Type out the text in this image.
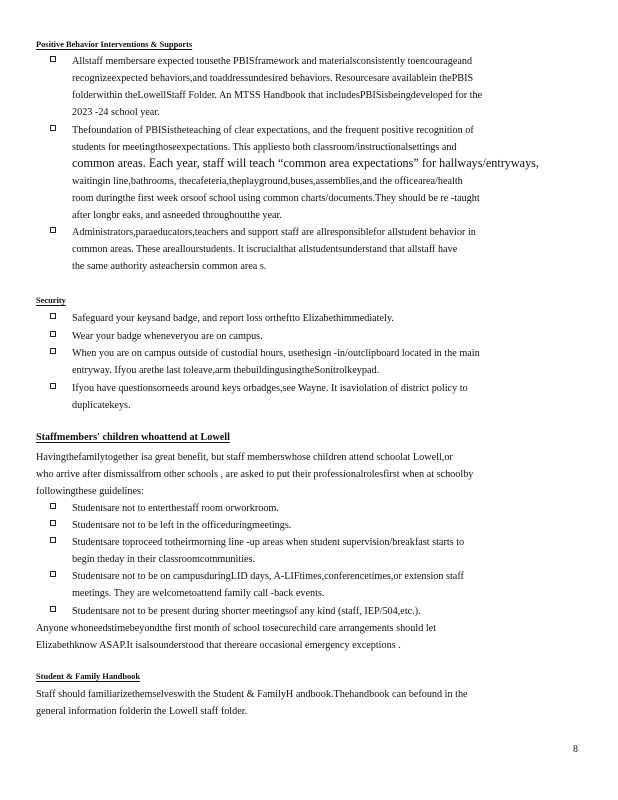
Positive Behavior Interventions & Supports
Allstaff membersare expected tousethe PBISframework and materialsconsistently toencourageand
recognizeexpected behaviors,and toaddressundesired behaviors. Resourcesare availablein thePBIS
folderwithin theLowellStaff Folder. An MTSS Handbook that includesPBISisbeingdeveloped for the
2023 -24 school year.
Thefoundation of PBISistheteaching of clear expectations, and the frequent positive recognition of
students for meetingthoseexpectations. This appliesto both classroom/instructionalsettings and
common areas. Each year, staff will teach “common area expectations” for hallways/entryways,
waitingin line,bathrooms, thecafeteria,theplayground,buses,assemblies,and the officearea/health
room duringthe first week orsoof school using common charts/documents.They should be re -taught
after longbr eaks, and asneeded throughoutthe year.
Administrators,paraeducators,teachers and support staff are allresponsiblefor allstudent behavior in
common areas. These areallourstudents. It iscrucialthat allstudentsunderstand that allstaff have
the same authority asteachersin common area s.
Security
Safeguard your keysand badge, and report loss ortheftto Elizabethimmediately.
Wear your badge wheneveryou are on campus.
When you are on campus outside of custodial hours, usethesign -in/outclipboard located in the main
entryway. Ifyou arethe last toleave,arm thebuildingusingtheSonitrolkeypad.
Ifyou have questionsorneeds around keys orbadges,see Wayne. It isaviolation of district policy to
duplicatekeys.
Staffmembers' children whoattend at Lowell
Havingthefamilytogether isa great benefit, but staff memberswhose children attend schoolat Lowell,or
who arrive after dismissalfrom other schools , are asked to put their professionalrolesfirst when at schoolby
followingthese guidelines:
Studentsare not to enterthestaff room orworkroom.
Studentsare not to be left in the officeduringmeetings.
Studentsare toproceed totheirmorning line -up areas when student supervision/breakfast starts to
begin theday in their classroomcommunities.
Studentsare not to be on campusduringLID days, A-LIFtimes,conferencetimes,or extension staff
meetings. They are welcometoattend family call -back events.
Studentsare not to be present during shorter meetingsof any kind (staff, IEP/504,etc.).
Anyone whoneedstimebeyondthe first month of school tosecurechild care arrangements should let
Elizabethknow ASAP.It isalsounderstood that thereare occasional emergency exceptions .
Student & Family Handbook
Staff should familiarizethemselveswith the Student & FamilyH andbook.Thehandbook can befound in the
general information folderin the Lowell staff folder.
8
